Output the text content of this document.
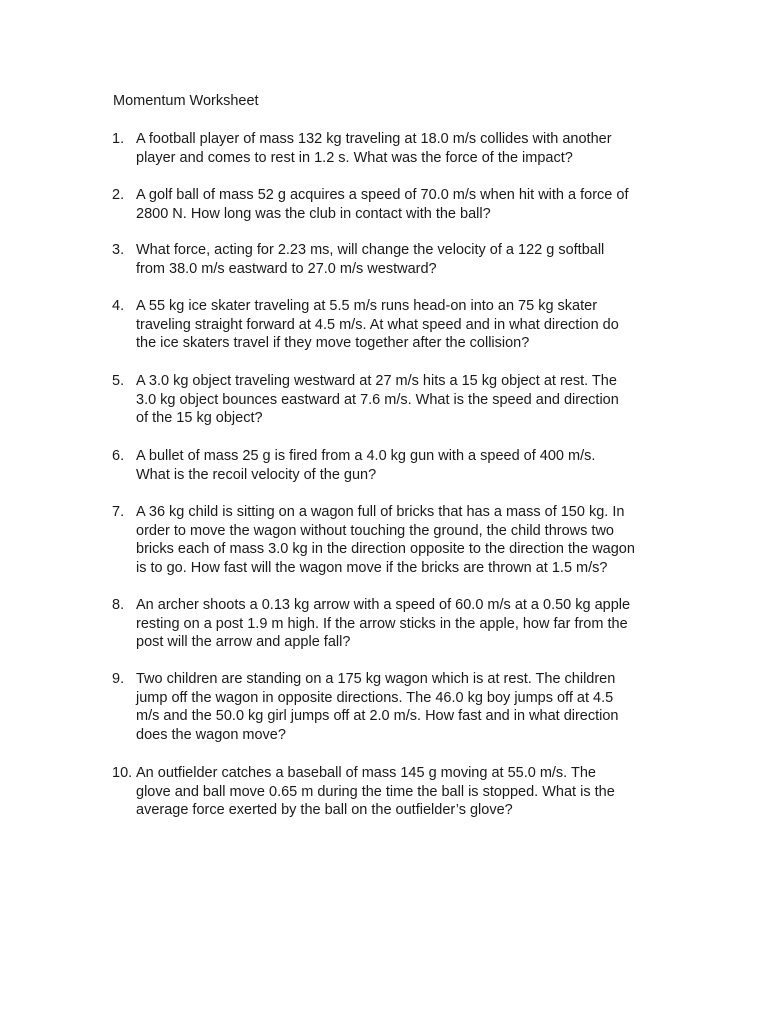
Momentum Worksheet
1. A football player of mass 132 kg traveling at 18.0 m/s collides with another
player and comes to rest in 1.2 s. What was the force of the impact?
2. A golf ball of mass 52 g acquires a speed of 70.0 m/s when hit with a force of
2800 N. How long was the club in contact with the ball?
3. What force, acting for 2.23 ms, will change the velocity of a 122 g softball
from 38.0 m/s eastward to 27.0 m/s westward?
4. A 55 kg ice skater traveling at 5.5 m/s runs head-on into an 75 kg skater
traveling straight forward at 4.5 m/s. At what speed and in what direction do
the ice skaters travel if they move together after the collision?
5. A 3.0 kg object traveling westward at 27 m/s hits a 15 kg object at rest. The
3.0 kg object bounces eastward at 7.6 m/s. What is the speed and direction
of the 15 kg object?
6. A bullet of mass 25 g is fired from a 4.0 kg gun with a speed of 400 m/s.
What is the recoil velocity of the gun?
7. A 36 kg child is sitting on a wagon full of bricks that has a mass of 150 kg. In
order to move the wagon without touching the ground, the child throws two
bricks each of mass 3.0 kg in the direction opposite to the direction the wagon
is to go. How fast will the wagon move if the bricks are thrown at 1.5 m/s?
8. An archer shoots a 0.13 kg arrow with a speed of 60.0 m/s at a 0.50 kg apple
resting on a post 1.9 m high. If the arrow sticks in the apple, how far from the
post will the arrow and apple fall?
9. Two children are standing on a 175 kg wagon which is at rest. The children
jump off the wagon in opposite directions. The 46.0 kg boy jumps off at 4.5
m/s and the 50.0 kg girl jumps off at 2.0 m/s. How fast and in what direction
does the wagon move?
10. An outfielder catches a baseball of mass 145 g moving at 55.0 m/s. The
glove and ball move 0.65 m during the time the ball is stopped. What is the
average force exerted by the ball on the outfielder’s glove?
